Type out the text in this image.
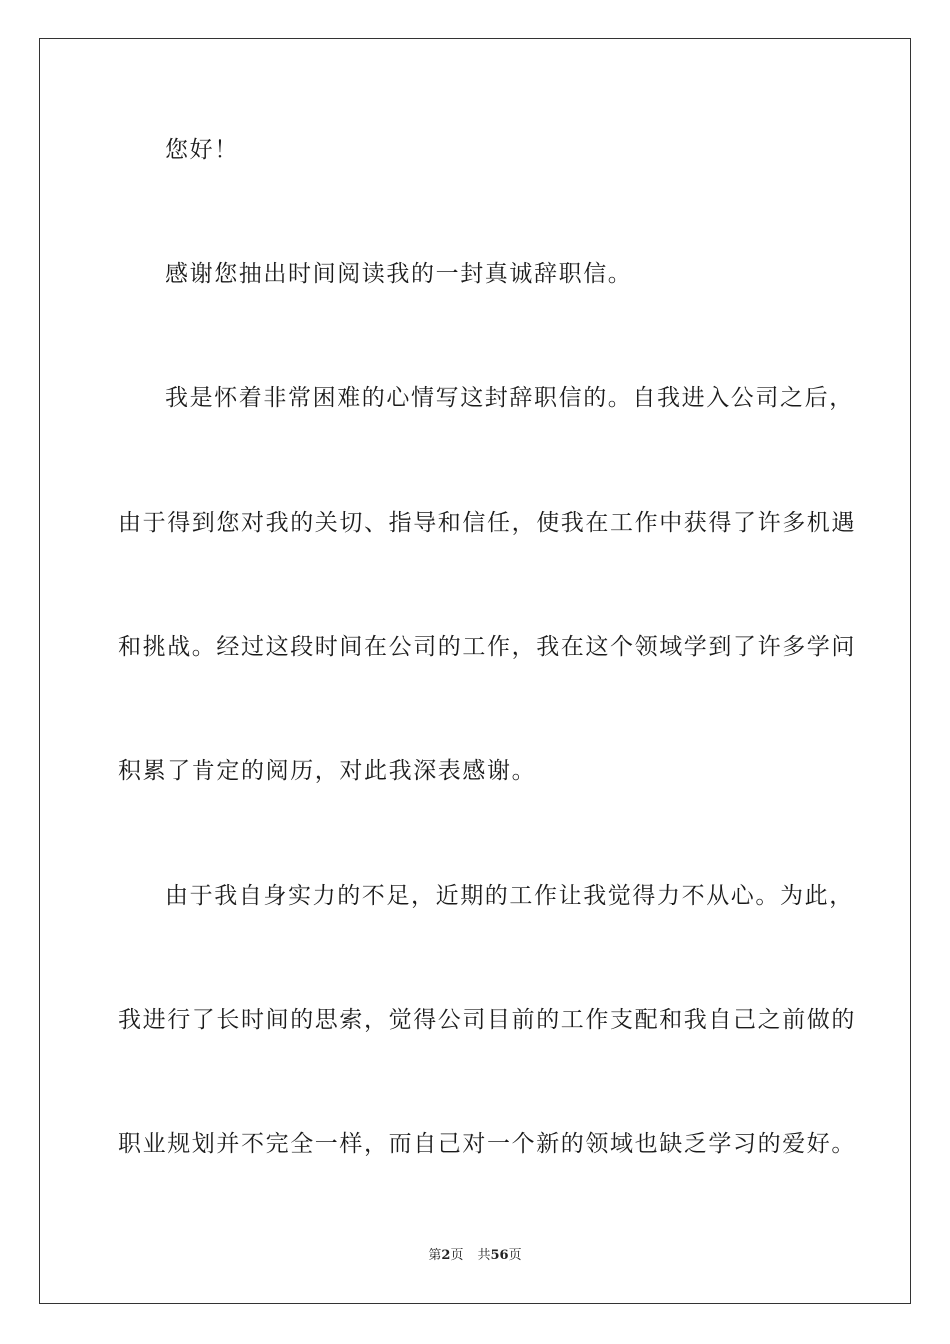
您好！
感谢您抽出时间阅读我的一封真诚辞职信。
我是怀着非常困难的心情写这封辞职信的。自我进入公司之后，
由于得到您对我的关切、指导和信任，使我在工作中获得了许多机遇
和挑战。经过这段时间在公司的工作，我在这个领域学到了许多学问
积累了肯定的阅历，对此我深表感谢。
由于我自身实力的不足，近期的工作让我觉得力不从心。为此，
我进行了长时间的思索，觉得公司目前的工作支配和我自己之前做的
职业规划并不完全一样，而自己对一个新的领域也缺乏学习的爱好。
第2页 共56页
